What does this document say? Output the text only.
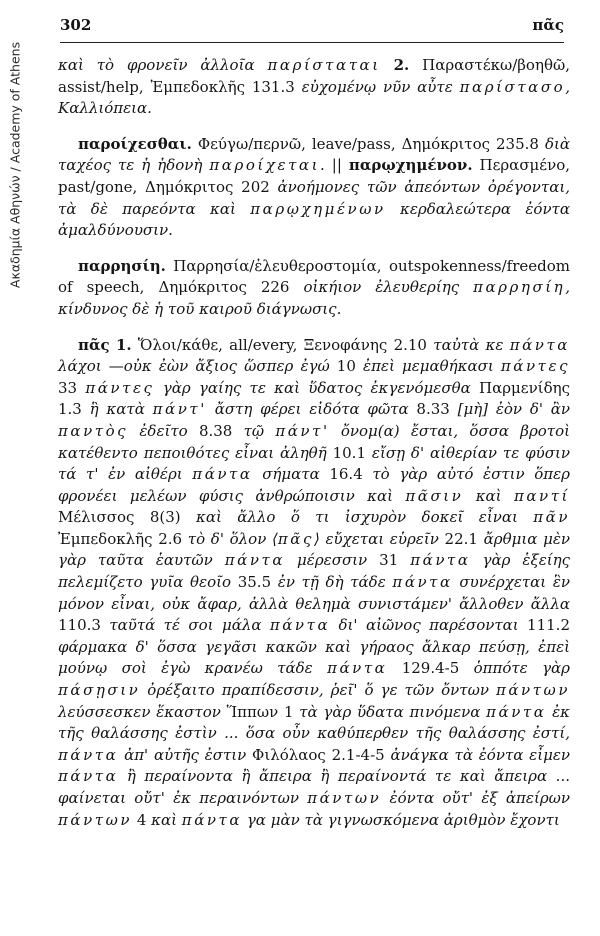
Ακαδημία Αθηνών / Academy of Athens
302	πᾶς

καὶ τὸ φρονεῖν ἀλλοῖα παρίσταται 2. Παραστέκω/βοηθῶ, assist/help, Ἐμπεδοκλῆς 131.3 εὐχομένῳ νῦν αὖτε παρίστασο, Καλλιόπεια.

παροίχεσθαι. Φεύγω/περνῶ, leave/pass, Δημόκριτος 235.8 διὰ ταχέος τε ἡ ἡδονὴ παροίχεται. || παρῳχημένον. Περασμένο, past/gone, Δημόκριτος 202 ἀνοήμονες τῶν ἀπεόντων ὀρέγονται, τὰ δὲ παρεόντα καὶ παρῳχημένων κερδαλεώτερα ἐόντα ἀμαλδύνουσιν.

παρρησίη. Παρρησία/ἐλευθεροστομία, outspokenness/freedom of speech, Δημόκριτος 226 οἰκήιον ἐλευθερίης παρρησίη, κίνδυνος δὲ ἡ τοῦ καιροῦ διάγνωσις.

πᾶς 1. Ὅλοι/κάθε, all/every, Ξενοφάνης 2.10 ταὐτὰ κε πάντα λάχοι —οὐκ ἐὼν ἄξιος ὥσπερ ἐγώ 10 ἐπεὶ μεμαθήκασι πάντες 33 πάντες γὰρ γαίης τε καὶ ὕδατος ἐκγενόμεσθα Παρμενίδης 1.3 ἣ κατὰ πάντ' ἄστη φέρει εἰδότα φῶτα 8.33 [μὴ] ἐὸν δ' ἂν παντὸς ἐδεῖτο 8.38 τῷ πάντ' ὄνομ(α) ἔσται, ὅσσα βροτοὶ κατέθεντο πεποιθότες εἶναι ἀληθῆ 10.1 εἴσῃ δ' αἰθερίαν τε φύσιν τά τ' ἐν αἰθέρι πάντα σήματα 16.4 τὸ γὰρ αὐτό ἐστιν ὅπερ φρονέει μελέων φύσις ἀνθρώποισιν καὶ πᾶσιν καὶ παντί Μέλισσος 8(3) καὶ ἄλλο ὅ τι ἰσχυρὸν δοκεῖ εἶναι πᾶν Ἐμπεδοκλῆς 2.6 τὸ δ' ὅλον ⟨πᾶς⟩ εὔχεται εὑρεῖν 22.1 ἄρθμια μὲν γὰρ ταῦτα ἑαυτῶν πάντα μέρεσσιν 31 πάντα γὰρ ἑξείης πελεμίζετο γυῖα θεοῖο 35.5 ἐν τῇ δὴ τάδε πάντα συνέρχεται ἓν μόνον εἶναι, οὐκ ἄφαρ, ἀλλὰ θελημὰ συνιστάμεν' ἄλλοθεν ἄλλα 110.3 ταῦτά τέ σοι μάλα πάντα δι' αἰῶνος παρέσονται 111.2 φάρμακα δ' ὅσσα γεγᾶσι κακῶν καὶ γήραος ἄλκαρ πεύσῃ, ἐπεὶ μούνῳ σοὶ ἐγὼ κρανέω τάδε πάντα 129.4-5 ὁππότε γὰρ πάσῃσιν ὀρέξαιτο πραπίδεσσιν, ῥεῖ' ὅ γε τῶν ὄντων πάντων λεύσσεσκεν ἕκαστον Ἵππων 1 τὰ γὰρ ὕδατα πινόμενα πάντα ἐκ τῆς θαλάσσης ἐστὶν ... ὅσα οὖν καθύπερθεν τῆς θαλάσσης ἐστί, πάντα ἀπ' αὐτῆς ἐστιν Φιλόλαος 2.1-4-5 ἀνάγκα τὰ ἐόντα εἶμεν πάντα ἢ περαίνοντα ἢ ἄπειρα ἢ περαίνοντά τε καὶ ἄπειρα ... φαίνεται οὔτ' ἐκ περαινόντων πάντων ἐόντα οὔτ' ἐξ ἀπείρων πάντων 4 καὶ πάντα γα μὰν τὰ γιγνωσκόμενα ἀριθμὸν ἔχοντι
